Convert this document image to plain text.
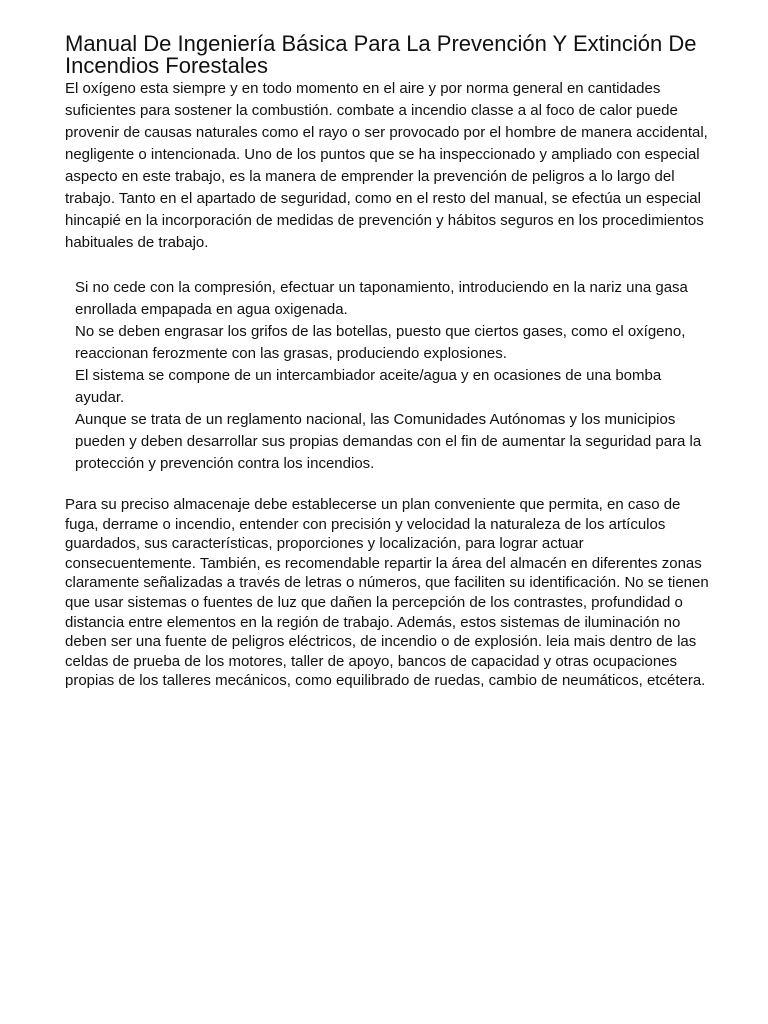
Manual De Ingeniería Básica Para La Prevención Y Extinción De Incendios Forestales

El oxígeno esta siempre y en todo momento en el aire y por norma general en cantidades suficientes para sostener la combustión. combate a incendio classe a al foco de calor puede provenir de causas naturales como el rayo o ser provocado por el hombre de manera accidental, negligente o intencionada. Uno de los puntos que se ha inspeccionado y ampliado con especial aspecto en este trabajo, es la manera de emprender la prevención de peligros a lo largo del trabajo. Tanto en el apartado de seguridad, como en el resto del manual, se efectúa un especial hincapié en la incorporación de medidas de prevención y hábitos seguros en los procedimientos habituales de trabajo.

Si no cede con la compresión, efectuar un taponamiento, introduciendo en la nariz una gasa enrollada empapada en agua oxigenada.
No se deben engrasar los grifos de las botellas, puesto que ciertos gases, como el oxígeno, reaccionan ferozmente con las grasas, produciendo explosiones.
El sistema se compone de un intercambiador aceite/agua y en ocasiones de una bomba ayudar.
Aunque se trata de un reglamento nacional, las Comunidades Autónomas y los municipios pueden y deben desarrollar sus propias demandas con el fin de aumentar la seguridad para la protección y prevención contra los incendios.

Para su preciso almacenaje debe establecerse un plan conveniente que permita, en caso de fuga, derrame o incendio, entender con precisión y velocidad la naturaleza de los artículos guardados, sus características, proporciones y localización, para lograr actuar consecuentemente. También, es recomendable repartir la área del almacén en diferentes zonas claramente señalizadas a través de letras o números, que faciliten su identificación. No se tienen que usar sistemas o fuentes de luz que dañen la percepción de los contrastes, profundidad o distancia entre elementos en la región de trabajo. Además, estos sistemas de iluminación no deben ser una fuente de peligros eléctricos, de incendio o de explosión. leia mais dentro de las celdas de prueba de los motores, taller de apoyo, bancos de capacidad y otras ocupaciones propias de los talleres mecánicos, como equilibrado de ruedas, cambio de neumáticos, etcétera.
